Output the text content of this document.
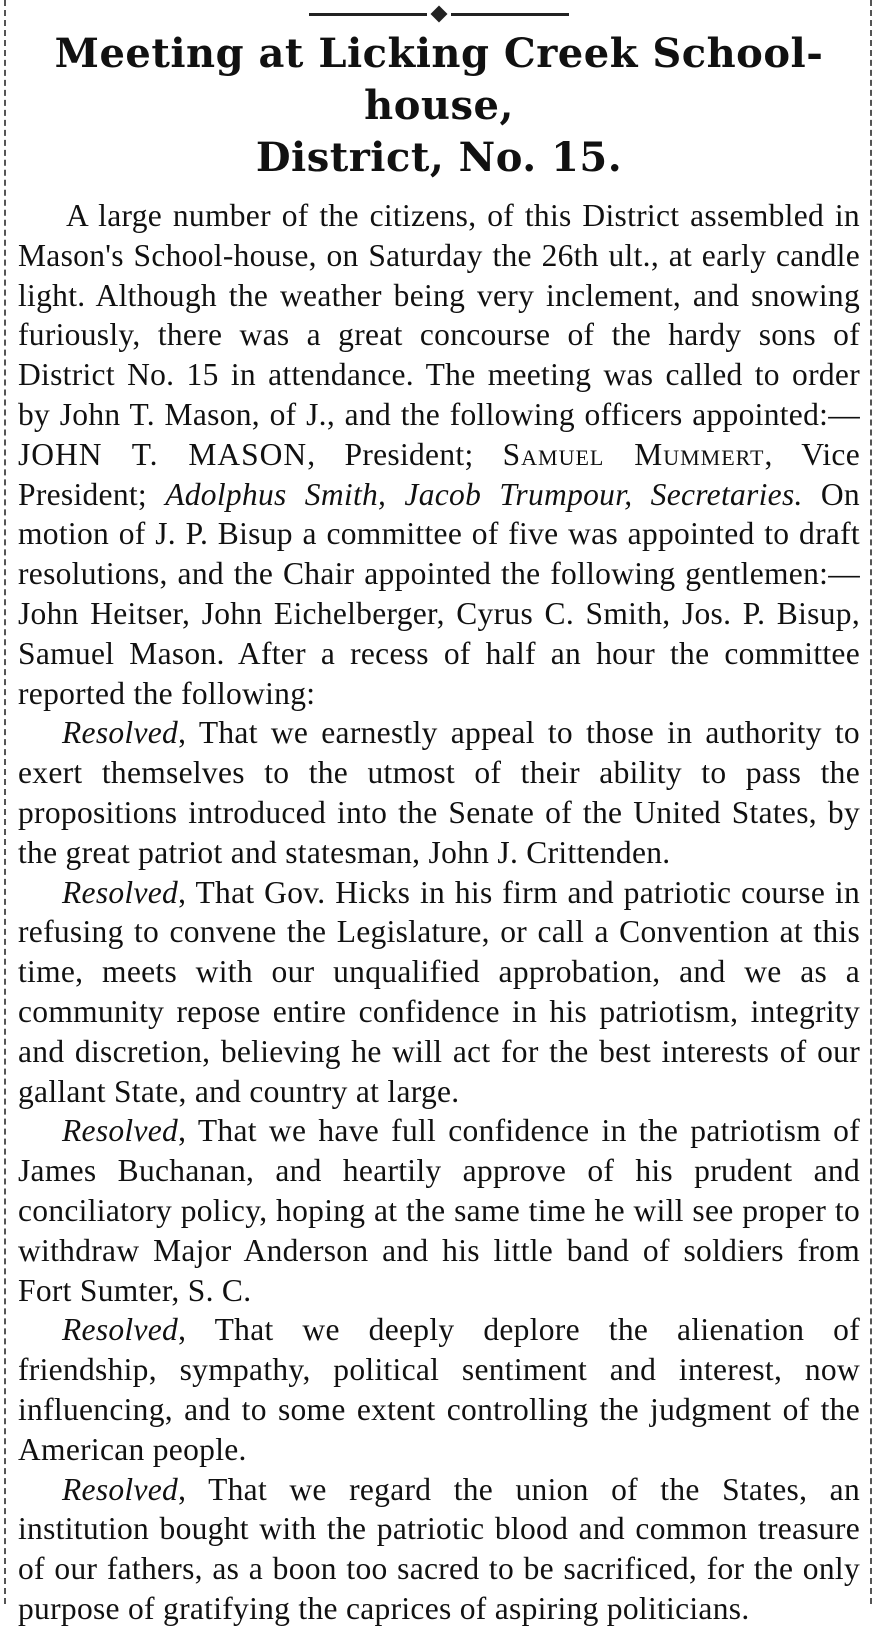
Meeting at Licking Creek School-house,
District, No. 15.

A large number of the citizens, of this District assembled in Mason's School-house, on Saturday the 26th ult., at early candle light. Although the weather being very inclement, and snowing furiously, there was a great concourse of the hardy sons of District No. 15 in attendance. The meeting was called to order by John T. Mason, of J., and the following officers appointed:—JOHN T. MASON, President; Samuel Mummert, Vice President; Adolphus Smith, Jacob Trumpour, Secretaries. On motion of J. P. Bisup a committee of five was appointed to draft resolutions, and the Chair appointed the following gentlemen:—John Heitser, John Eichelberger, Cyrus C. Smith, Jos. P. Bisup, Samuel Mason. After a recess of half an hour the committee reported the following:

Resolved, That we earnestly appeal to those in authority to exert themselves to the utmost of their ability to pass the propositions introduced into the Senate of the United States, by the great patriot and statesman, John J. Crittenden.

Resolved, That Gov. Hicks in his firm and patriotic course in refusing to convene the Legislature, or call a Convention at this time, meets with our unqualified approbation, and we as a community repose entire confidence in his patriotism, integrity and discretion, believing he will act for the best interests of our gallant State, and country at large.

Resolved, That we have full confidence in the patriotism of James Buchanan, and heartily approve of his prudent and conciliatory policy, hoping at the same time he will see proper to withdraw Major Anderson and his little band of soldiers from Fort Sumter, S. C.

Resolved, That we deeply deplore the alienation of friendship, sympathy, political sentiment and interest, now influencing, and to some extent controlling the judgment of the American people.

Resolved, That we regard the union of the States, an institution bought with the patriotic blood and common treasure of our fathers, as a boon too sacred to be sacrificed, for the only purpose of gratifying the caprices of aspiring politicians.
